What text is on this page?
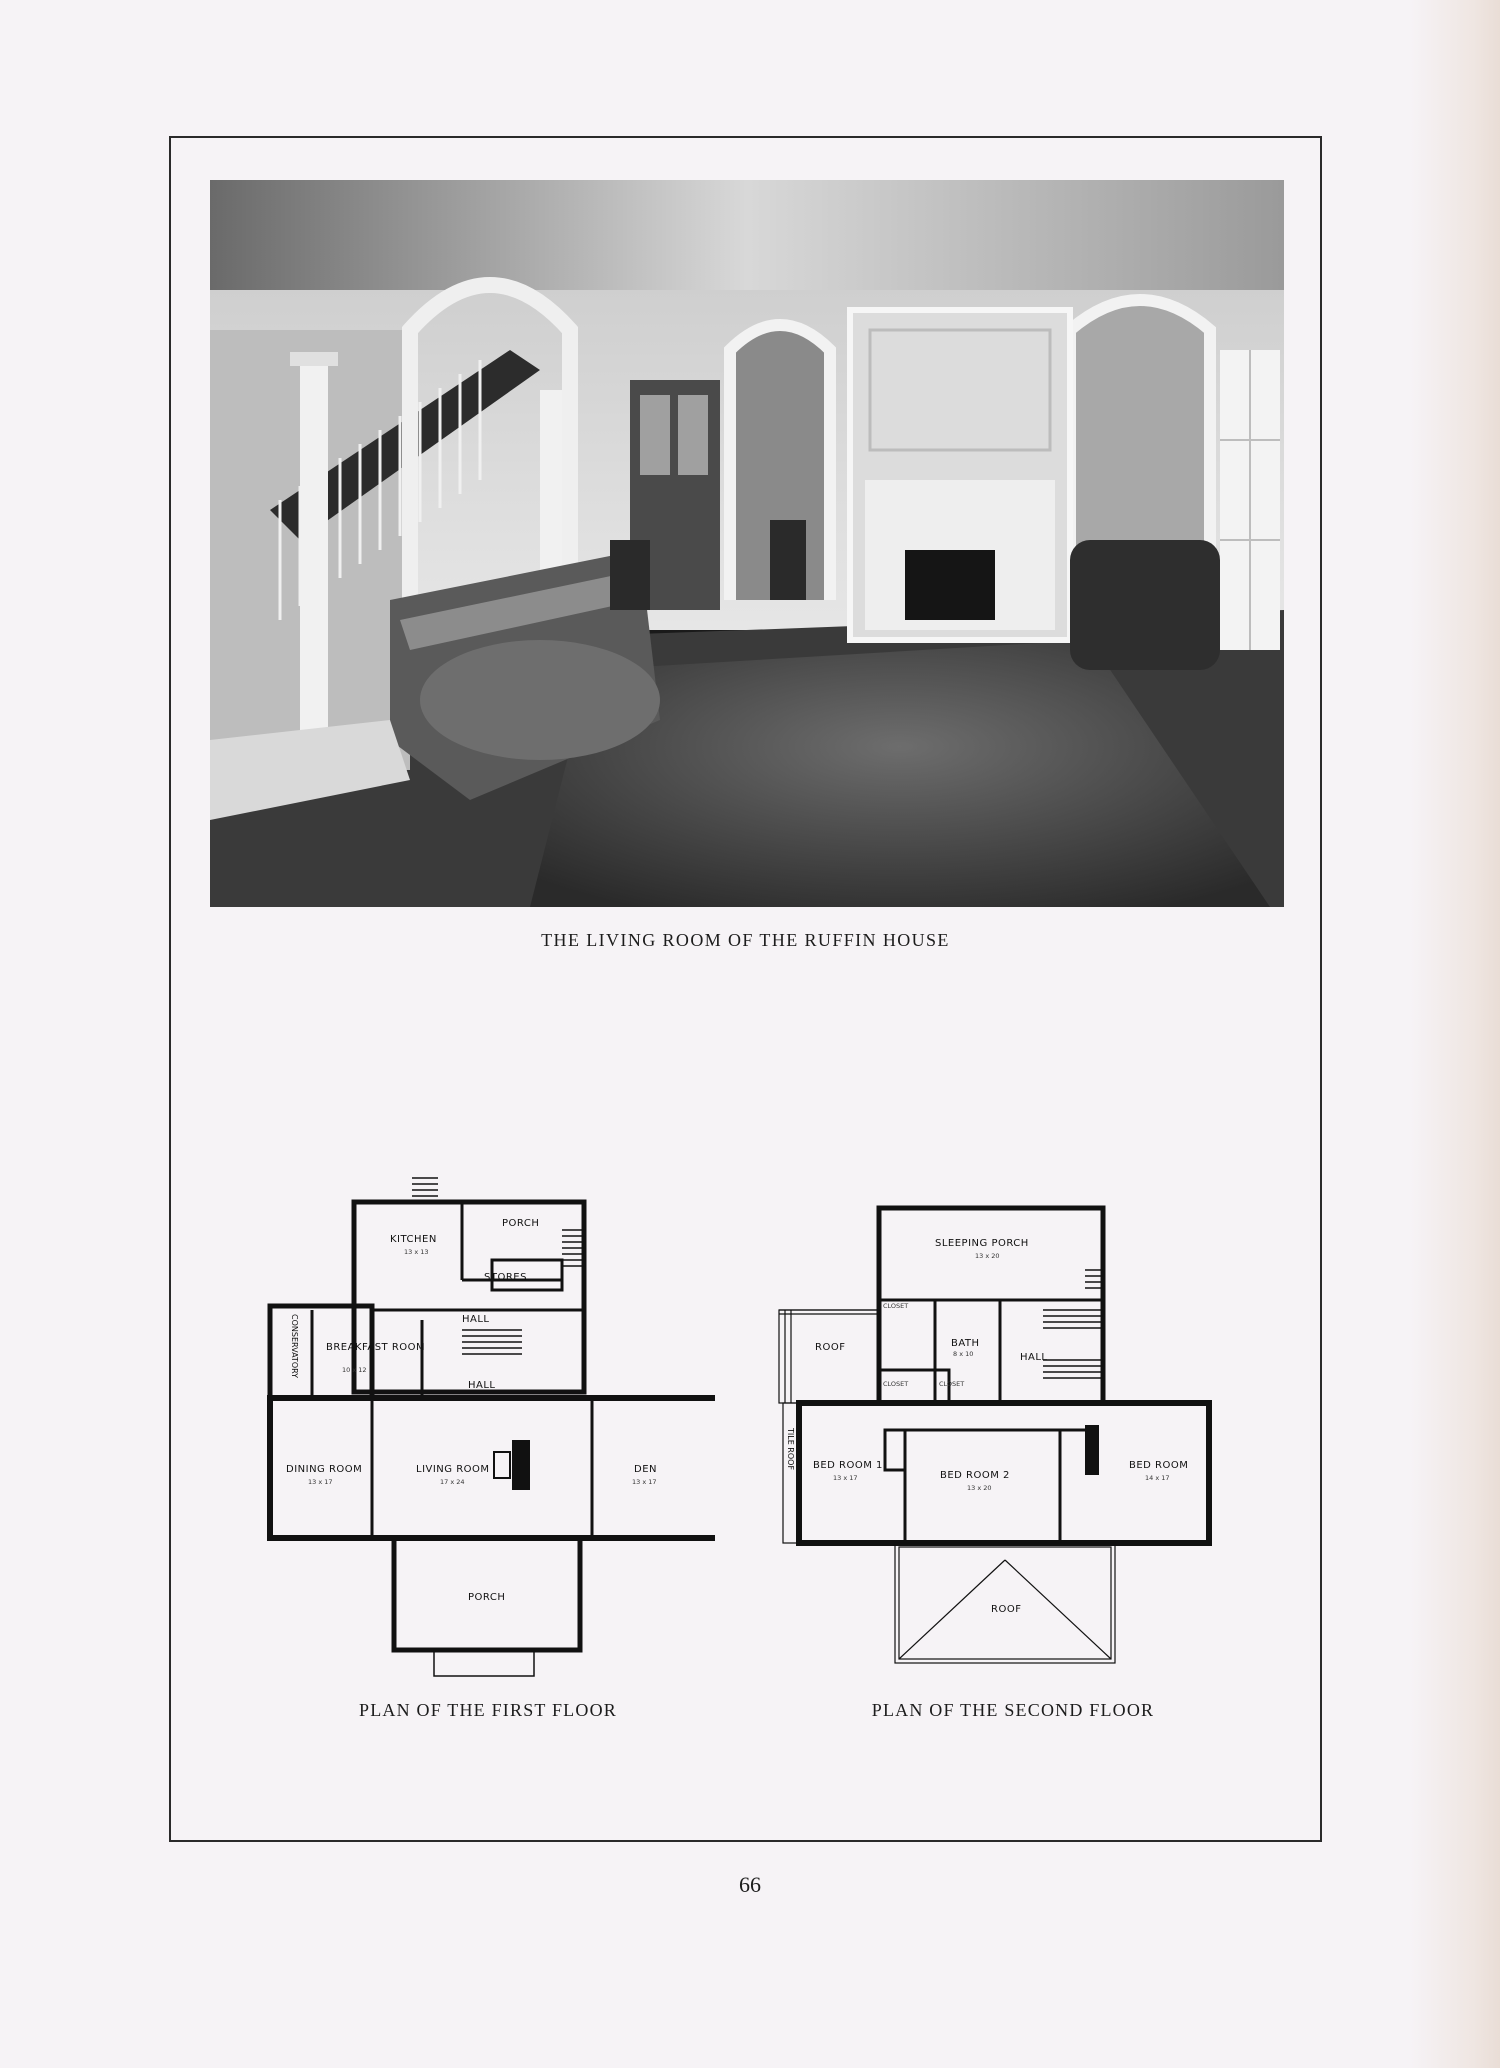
THE LIVING ROOM OF THE RUFFIN HOUSE
KITCHEN
13 x 13
PORCH
STORES
HALL
CONSERVATORY	BREAKFAST ROOM
10 x 12
HALL
DINING ROOM
13 x 17
LIVING ROOM
17 x 24
DEN
13 x 17
PORCH
PLAN OF THE FIRST FLOOR
SLEEPING PORCH
13 x 20
CLOSET
BATH
8 x 10	HALL
CLOSET	CLOSET
ROOF
TILE ROOF BED ROOM 1
13 x 17	BED ROOM 2
13 x 20
BED ROOM
14 x 17
ROOF
PLAN OF THE SECOND FLOOR
66
